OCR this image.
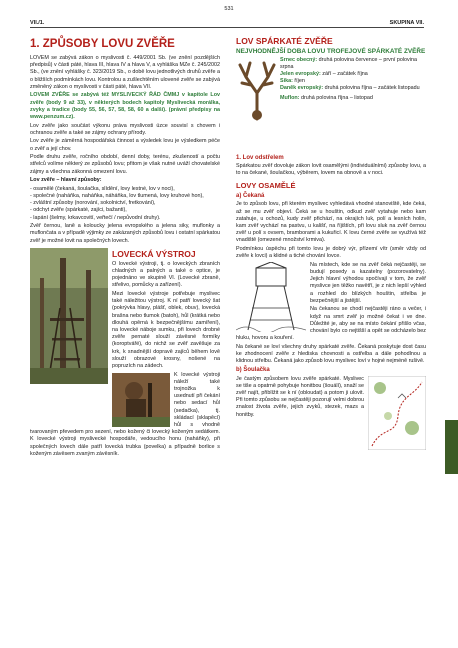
VII./1.
531
SKUPINA VII.
1. ZPŮSOBY LOVU ZVĚŘE

LOVEM se zabývá zákon o myslivosti č. 449/2001 Sb. (ve znění pozdějších předpisů) v části páté, hlava III, hlava IV a hlava V, a vyhláška MZe č. 245/2002 Sb., (ve znění vyhlášky č. 323/2019 Sb., o době lovu jednotlivých druhů zvěře a o bližších podmínkách lovu. Kontrolou a zušlechtěním ulovené zvěře se zabývá změněný zákon o myslivosti v části páté, hlava VII.

LOVEM ZVĚŘE se zabývá též MYSLIVECKÝ ŘÁD ČMMJ v kapitole Lov zvěře (body 9 až 33), v některých bodech kapitoly Myslivecká morálka, zvyky a tradice (body 55, 56, 57, 58, 58, 60 a další). (právní předpisy na www.penzum.cz).

Lov zvěře jako součást výkonu práva myslivosti úzce souvisí s chovem i ochranou zvěře a také se zájmy ochrany přírody.

Lov zvěře je záměrná hospodářská činnost a výsledek lovu je výsledkem péče o zvěř a její chov.

Podle druhu zvěře, ročního období, denní doby, terénu, zkušeností a počtu střelců volíme některý ze způsobů lovu; přitom je však nutné uváží chovatelské zájmy a všechna zákonná omezení lovu.

Lov zvěře – hlavní způsoby:

- osamělé (čekaná, šoulačka, slídění, lovy lestné, lov v noci),
- společné (naháňka, naháňka, náháňka, lov tlumená, lovy kruhové hon),
- zvláštní způsoby (norování, sokolnictví, fretkování),
- odchyt zvěře (spárkaté, zajíci, bažanti),
- lapání (šelmy, krkavcovití, veřtečí / nepůvodní druhy).

Zvěř černou, laně a koloucky jelena evropského a jelena siky, muflonky a muflončata a v případě výjimky ze zakázaných způsobů lovu i ostatní spárkatou zvěř je možné lovit na společných lovech.

LOVECKÁ VÝSTROJ

O lovecké výstroji, tj. o loveckých zbraních chladných a palných a také o optice, je pojednáno ve skupině VI. (Lovecké zbraně, střelivo, pomůcky a zařízení).

Mezi lovecké výstroje potřebuje myslivec také náležitou výstroj. K ní patří lovecký šat (pokrývka hlavy, plášť, oblek, obuv), lovecká brašna nebo tlumok (batoh), hůl (krátká nebo dlouhá opěrná k bezpečnějšímu zamíření), na lovecké náboje sumku, při lovech drobné zvěře pernaté slouží závěsné formíky (koroptvářé), do nichž se zvěř zavěšuje za krk, k snadnější dopravě zajíců během lově slouží obrazové krosny, nošené na popruzích na zádech.

K lovecké výstroji náleží také trojnožka k usednutí při čekání nebo sedací hůl (sedačka), tj. skládací (sklapěcí) hůl s vhodně tvarovaným převedem pro sezení, nebo kožený či lovecký koženým sedátkem. K lovecké výstroji myslivecké hospodáře, vedoucího honu (naháňky), při společných lovech dále patří lovecká trubka (povelka) a případně borlice s koženým závěsem zvaným závěsník.

LOV SPÁRKATÉ ZVĚŘE
NEJVHODNĚJŠÍ DOBA LOVU TROFEJOVÉ SPÁRKATÉ ZVĚŘE
Srnec obecný: druhá polovina července – první polovina srpna
Jelen evropský: září – začátek října
Sika: říjen
Daněk evropský: druhá polovina října – začátek listopadu
Muflon: druhá polovina října – listopad
1. Lov odstřelem

Spárkatou zvěř dovoluje zákon lovit osamělými (individuálními) způsoby lovu, a to na čekané, šoulačkou, výběrem, lovem na obnově a v noci.

LOVY OSAMĚLÉ
a) Čekaná

Je to způsob lovu, při kterém myslivec vyhledává vhodné stanoviště, kde čeká, až se mu zvěř objeví. Čeká se u houštin, odkud zvěř vytahuje nebo kam zatahuje, u ochozů, kudy zvěř přichází, na okrajích luk, polí a lesních holin, kam zvěř vychází na pastvu, u kališť, na říjištích, při lovu sluk na zvěř černou zvěř u polí s ovsem, bramborami a kukuřicí. K lovu černé zvěře se využívá též vnadiště (omezené množství krmiva).

Podmínkou úspěchu při tomto lovu je dobrý výr, přízemí vítr (směr vždy od zvěře k lovci) a klidné a tiché chování lovce.

Na místech, kde se na zvěř čeká nejčastěji, se budují posedy a kazatelny (pozorovatelny). Jejich hlavní výhodou spočívají v tom, že zvěř myslivce jen těžko navětří, je z nich lepší výhled a rozhled do blízkých houštin, střelba je bezpečnější a jistější.

Na čekanou se chodí nejčastěji ráno a večer, i když na smrt zvěř jo možné čekat i ve dne. Důležité je, aby se na místo čekání přišlo včas, chování bylo co nejtišší a opět se odcházelo bez hluku, hovoru a kouření.

Na čekané se loví všechny druhy spárkaté zvěře. Čekaná poskytuje dost času ke zhodnocení zvěře z hlediska chovnosti a ostřelba a dále pohodlnou a klidnou střelbu. Čekaná jako způsob lovu myslivec loví v hojné nejméně rušivě.

b) Šoulačka

Je častým způsobem lovu zvěře spárkaté. Myslivec se tiše a opatrně pohybuje honitbou (šouálí), snaží se zvěř najít, přiblížit se k ní (obloudat) a potom ji ulovit. Při tomto způsobu se nejčastěji pozorují velmi dobrou znalost života zvěře, jejich zvyků, stezek, mazs a honitby.
